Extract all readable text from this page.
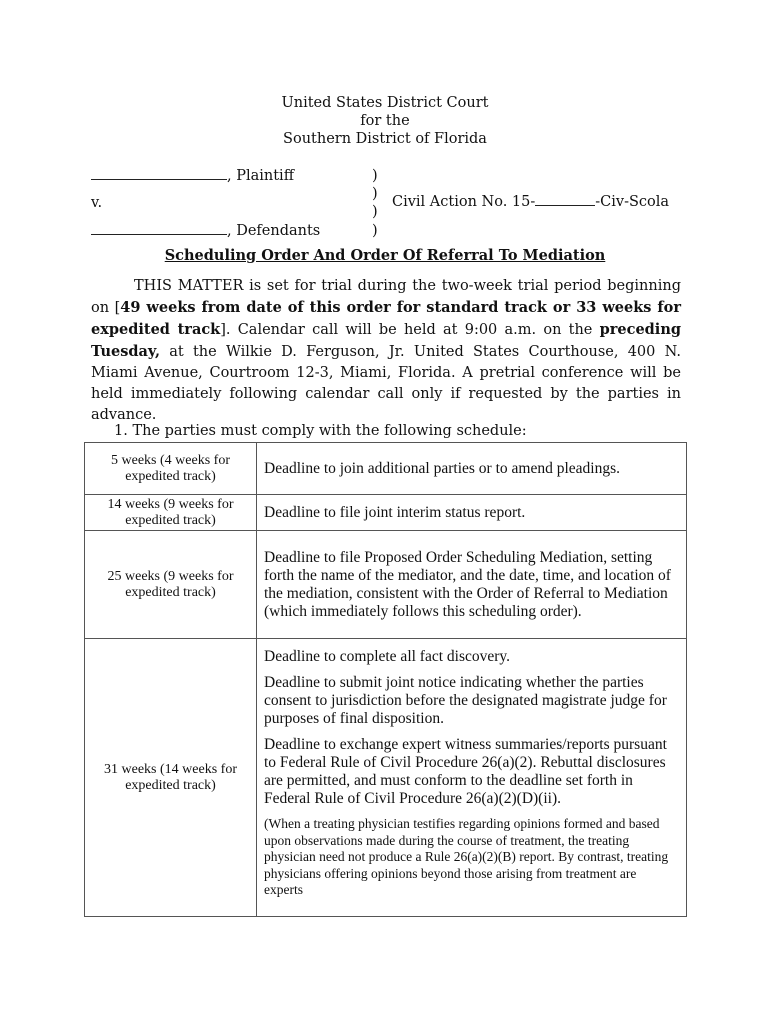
United States District Court
for the
Southern District of Florida
, Plaintiff
v.
, Defendants
)
)
)
)
Civil Action No. 15-	-Civ-Scola
Scheduling Order And Order Of Referral To Mediation

THIS MATTER is set for trial during the two-week trial period beginning on [49 weeks from date of this order for standard track or 33 weeks for expedited track]. Calendar call will be held at 9:00 a.m. on the preceding Tuesday, at the Wilkie D. Ferguson, Jr. United States Courthouse, 400 N. Miami Avenue, Courtroom 12-3, Miami, Florida. A pretrial conference will be held immediately following calendar call only if requested by the parties in advance.

1. The parties must comply with the following schedule:
5 weeks (4 weeks for expedited track)	Deadline to join additional parties or to amend pleadings.

14 weeks (9 weeks for expedited track)	Deadline to file joint interim status report.

25 weeks (9 weeks for expedited track)	Deadline to file Proposed Order Scheduling Mediation, setting forth the name of the mediator, and the date, time, and location of the mediation, consistent with the Order of Referral to Mediation (which immediately follows this scheduling order).

31 weeks (14 weeks for expedited track)	Deadline to complete all fact discovery.
Deadline to submit joint notice indicating whether the parties consent to jurisdiction before the designated magistrate judge for purposes of final disposition.
Deadline to exchange expert witness summaries/reports pursuant to Federal Rule of Civil Procedure 26(a)(2). Rebuttal disclosures are permitted, and must conform to the deadline set forth in Federal Rule of Civil Procedure 26(a)(2)(D)(ii).
(When a treating physician testifies regarding opinions formed and based upon observations made during the course of treatment, the treating physician need not produce a Rule 26(a)(2)(B) report. By contrast, treating physicians offering opinions beyond those arising from treatment are experts
